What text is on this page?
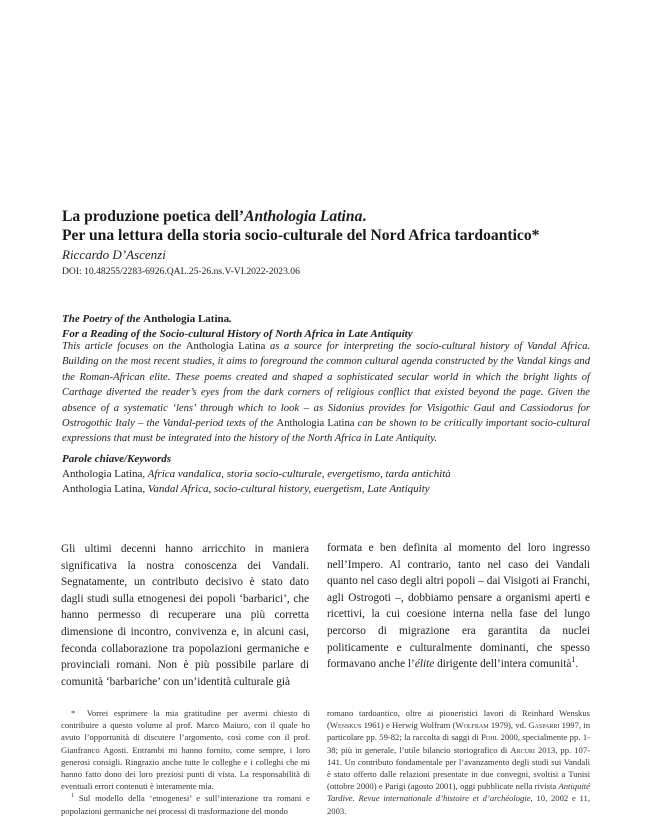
La produzione poetica dell’Anthologia Latina.
Per una lettura della storia socio-culturale del Nord Africa tardoantico*
Riccardo D’Ascenzi
DOI: 10.48255/2283-6926.QAL.25-26.ns.V-VI.2022-2023.06
The Poetry of the Anthologia Latina.
For a Reading of the Socio-cultural History of North Africa in Late Antiquity
This article focuses on the Anthologia Latina as a source for interpreting the socio-cultural history of Vandal Africa. Building on the most recent studies, it aims to foreground the common cultural agenda constructed by the Vandal kings and the Roman-African elite. These poems created and shaped a sophisticated secular world in which the bright lights of Carthage diverted the reader’s eyes from the dark corners of religious conflict that existed beyond the page. Given the absence of a systematic ‘lens’ through which to look – as Sidonius provides for Visigothic Gaul and Cassiodorus for Ostrogothic Italy – the Vandal-period texts of the Anthologia Latina can be shown to be critically important socio-cultural expressions that must be integrated into the history of the North Africa in Late Antiquity.
Parole chiave/Keywords
Anthologia Latina, Africa vandalica, storia socio-culturale, evergetismo, tarda antichità
Anthologia Latina, Vandal Africa, socio-cultural history, euergetism, Late Antiquity
Gli ultimi decenni hanno arricchito in maniera significativa la nostra conoscenza dei Vandali. Segnatamente, un contributo decisivo è stato dato dagli studi sulla etnogenesi dei popoli ‘barbarici’, che hanno permesso di recuperare una più corretta dimensione di incontro, convivenza e, in alcuni casi, feconda collaborazione tra popolazioni germaniche e provinciali romani. Non è più possibile parlare di comunità ‘barbariche’ con un’identità culturale già
formata e ben definita al momento del loro ingresso nell’Impero. Al contrario, tanto nel caso dei Vandali quanto nel caso degli altri popoli – dai Visigoti ai Franchi, agli Ostrogoti –, dobbiamo pensare a organismi aperti e ricettivi, la cui coesione interna nella fase del lungo percorso di migrazione era garantita da nuclei politicamente e culturalmente dominanti, che spesso formavano anche l’élite dirigente dell’intera comunità$^1$.

* Vorrei esprimere la mia gratitudine per avermi chiesto di contribuire a questo volume al prof. Marco Maiuro, con il quale ho avuto l’opportunità di discutere l’argomento, così come con il prof. Gianfranco Agosti. Entrambi mi hanno fornito, come sempre, i loro generosi consigli. Ringrazio anche tutte le colleghe e i colleghi che mi hanno fatto dono dei loro preziosi punti di vista. La responsabilità di eventuali errori contenuti è interamente mia.

$^1$ Sul modello della ‘etnogenesi’ e sull’interazione tra romani e popolazioni germaniche nei processi di trasformazione del mondo

romano tardoantico, oltre ai pioneristici lavori di Reinhard Wenskus (Wenskus 1961) e Herwig Wolfram (Wolfram 1979), vd. Gasparri 1997, in particolare pp. 59-82; la raccolta di saggi di Pohl 2000, specialmente pp. 1-38; più in generale, l’utile bilancio storiografico di Arcuri 2013, pp. 107-141. Un contributo fondamentale per l’avanzamento degli studi sui Vandali è stato offerto dalle relazioni presentate in due convegni, svoltisi a Tunisi (ottobre 2000) e Parigi (agosto 2001), oggi pubblicate nella rivista Antiquité Tardive. Revue internationale d’histoire et d’archéologie, 10, 2002 e 11, 2003.
